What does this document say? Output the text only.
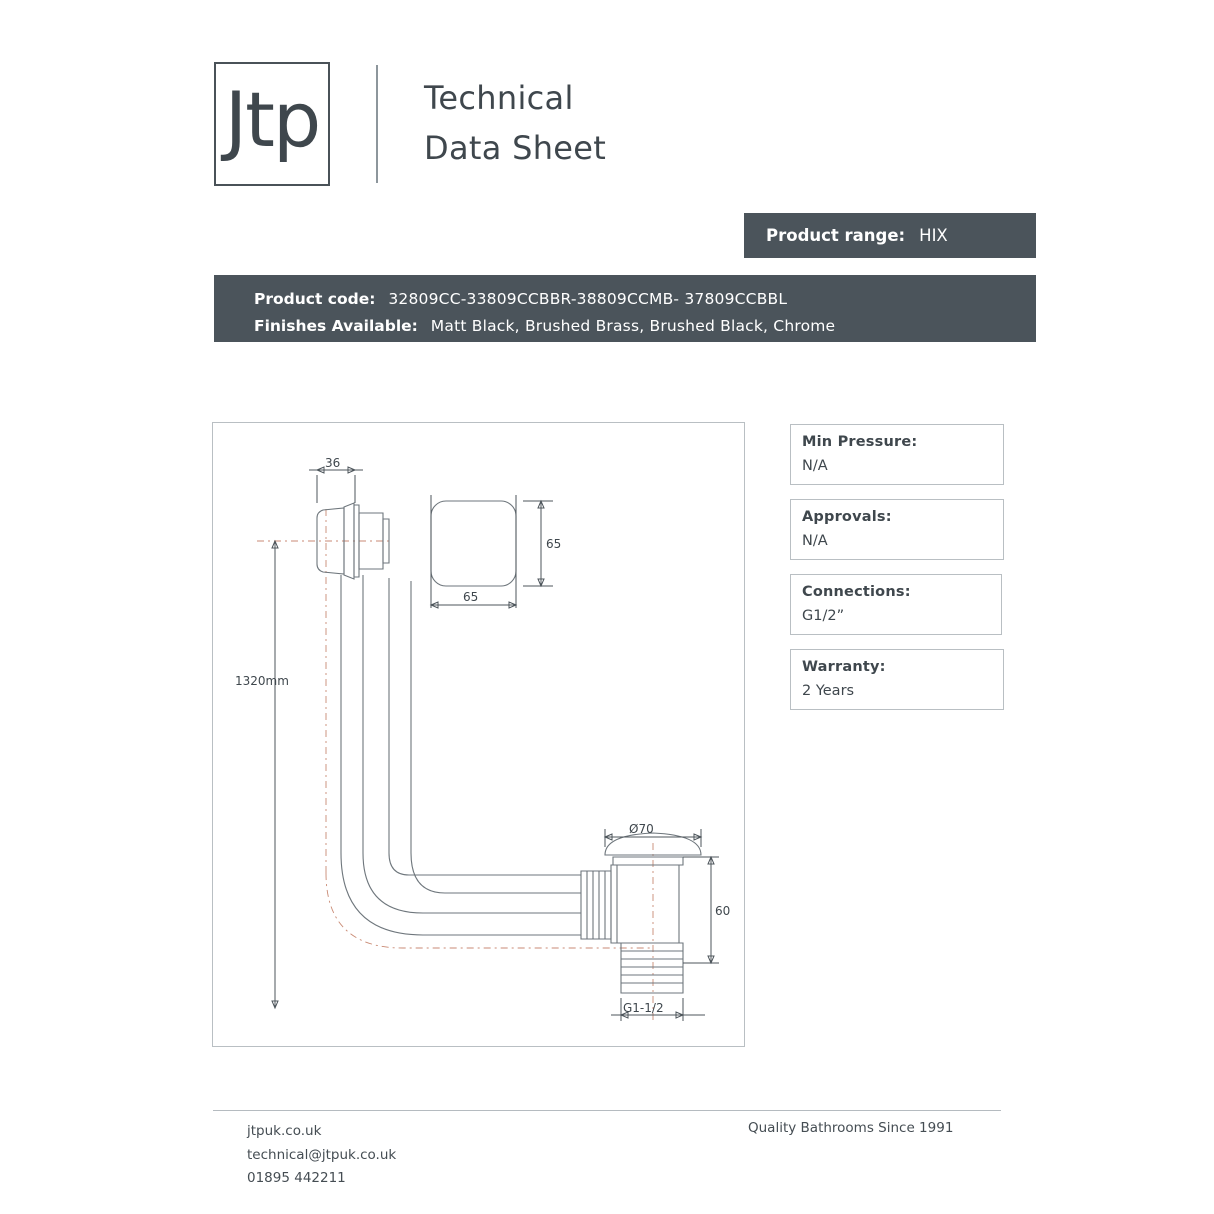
Jtp	Technical
Data Sheet
Product range: HIX
Product code: 32809CC-33809CCBBR-38809CCMB- 37809CCBBL
Finishes Available: Matt Black, Brushed Brass, Brushed Black, Chrome
36
65
65
1320mm
Ø70
60
G1-1/2
Min Pressure:
N/A
Approvals:
N/A
Connections:
G1/2”
Warranty:
2 Years
jtpuk.co.uk
technical@jtpuk.co.uk
01895 442211
Quality Bathrooms Since 1991
